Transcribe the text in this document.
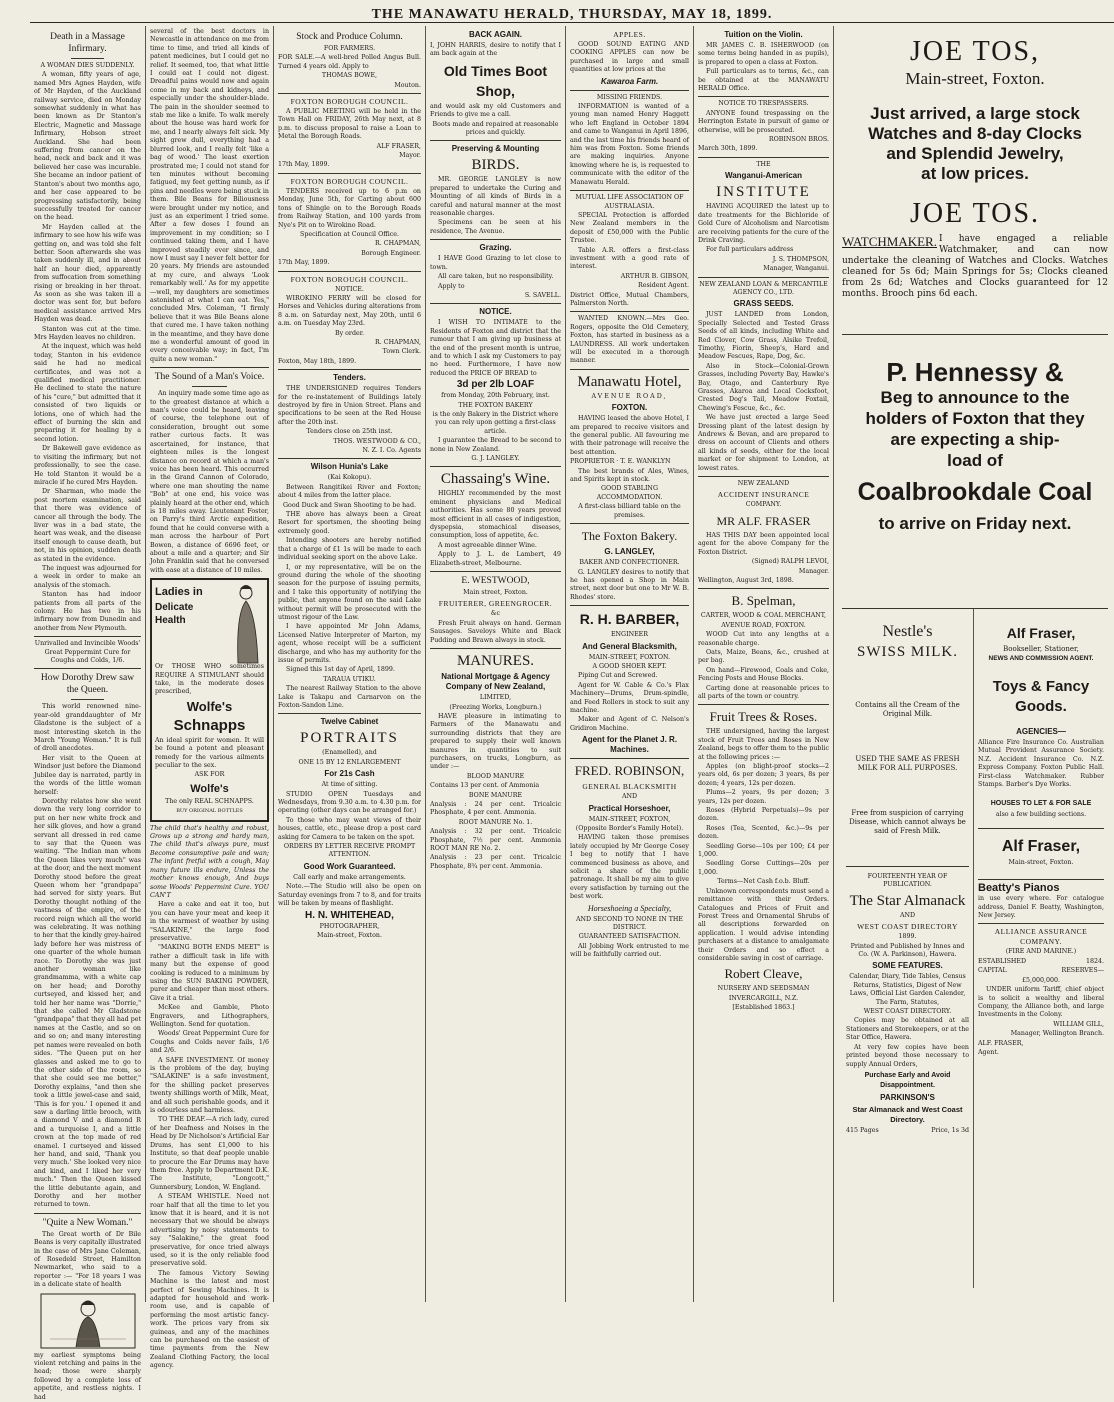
THE MANAWATU HERALD, THURSDAY, MAY 18, 1899.
Death in a Massage Infirmary.
A WOMAN DIES SUDDENLY.

A woman, fifty years of age, named Mrs Agnes Hayden, wife of Mr Hayden, of the Auckland railway service, died on Monday somewhat suddenly in what has been known as Dr Stanton's Electric, Magnetic and Massage Infirmary, Hobson street Auckland. She had been suffering from cancer on the head, neck and back and it was believed her case was incurable. She became an indoor patient of Stanton's about two months ago, and her case appeared to be progressing satisfactorily, being successfully treated for cancer on the head.

Mr Hayden called at the infirmary to see how his wife was getting on, and was told she felt better. Soon afterwards she was taken suddenly ill, and in about half an hour died, apparently from suffocation from something rising or breaking in her throat. As soon as she was taken ill a doctor was sent for, but before medical assistance arrived Mrs Hayden was dead.

Stanton was cut at the time. Mrs Hayden leaves no children.

At the inquest, which was held today, Stanton in his evidence said he had no medical certificates, and was not a qualified medical practitioner. He declined to state the nature of his "cure," but admitted that it consisted of two liquids or lotions, one of which had the effect of burning the skin and preparing it for healing by a second lotion.

Dr Bakewell gave evidence as to visiting the infirmary, but not professionally, to see the case. He told Stanton it would be a miracle if he cured Mrs Hayden.

Dr Sharman, who made the post mortem examination, said that there was evidence of cancer all through the body. The liver was in a bad state, the heart was weak, and the disease itself enough to cause death, but not, in his opinion, sudden death as stated in the evidence.

The inquest was adjourned for a week in order to make an analysis of the stomach.

Stanton has had indoor patients from all parts of the colony. He has two in his infirmary now from Dunedin and another from New Plymouth.

Unrivalled and Invincible Woods' Great Peppermint Cure for Coughs and Colds, 1/6.

How Dorothy Drew saw the Queen.

This world renowned nine-year-old granddaughter of Mr Gladstone is the subject of a most interesting sketch in the March "Young Woman." It is full of droll anecdotes.

Her visit to the Queen at Windsor just before the Diamond Jubilee day is narrated, partly in the words of the little woman herself:

Dorothy relates how she went down the very long corridor to put on her new white frock and her silk gloves, and how a grand servant all dressed in red came to say that the Queen was waiting. "The Indian man whom the Queen likes very much" was at the door, and the next moment Dorothy stood before the great Queen whom her "grandpapa" had served for sixty years. But Dorothy thought nothing of the vastness of the empire, of the record reign which all the world was celebrating. It was nothing to her that the kindly grey-haired lady before her was mistress of one quarter of the whole human race. To Dorothy she was just another woman like grandmamma, with a white cap on her head; and Dorothy curtseyed, and kissed her, and told her her name was "Dorrie," that she called Mr Gladstone "grandpapa" that they all had pet names at the Castle, and so on and so on; and many interesting pet names were revealed on both sides. "The Queen put on her glasses and asked me to go to the other side of the room, so that she could see me better," Dorothy explains, "and then she took a little jewel-case and said, 'This is for you.' I opened it and saw a darling little brooch, with a diamond V and a diamond R and a turquoise I, and a little crown at the top made of red enamel. I curtseyed and kissed her hand, and said, 'Thank you very much.' She looked very nice and kind, and I liked her very much." Then the Queen kissed the little debutante again, and Dorothy and her mother returned to town.

"Quite a New Woman."

The Great worth of Dr Bile Beans is very capitally illustrated in the case of Mrs Jane Coleman, of Rosedeld Street, Hamilton Newmarket, who said to a reporter :— "For 18 years I was in a delicate state of health

my earliest symptoms being violent retching and pains in the head; those were sharply followed by a complete loss of appetite, and restless nights. I had

several of the best doctors in Newcastle in attendance on me from time to time, and tried all kinds of patent medicines, but I could get no relief. It seemed, too, that what little I could eat I could not digest. Dreadful pains would now and again come in my back and kidneys, and especially under the shoulder-blade. The pain in the shoulder seemed to stab me like a knife. To walk merely about the house was hard work for me, and I nearly always felt sick. My sight grew dull, everything had a blurred look, and I really felt 'like a bag of wood.' The least exertion prostrated me; I could not stand for ten minutes without becoming fatigued, my feet getting numb, as if pins and needles were being stuck in them. Bile Beans for Biliousness were brought under my notice, and just as an experiment I tried some. After a few doses I found an improvement in my condition; so I continued taking them, and I have improved steadily ever since, and now I must say I never felt better for 20 years. My friends are astounded at my cure, and always 'Look remarkably well.' As for my appetite—well, my daughters are sometimes astonished at what I can eat. Yes," concluded Mrs. Coleman, "I firmly believe that it was Bile Beans alone that cured me. I have taken nothing in the meantime, and they have done me a wonderful amount of good in every conceivable way; in fact, I'm quite a new woman."

The Sound of a Man's Voice.

An inquiry made some time ago as to the greatest distance at which a man's voice could be heard, leaving of course, the telephone out of consideration, brought out some rather curious facts. It was ascertained, for instance, that eighteen miles is the longest distance on record at which a man's voice has been heard. This occurred in the Grand Cannon of Colorado, where one man shouting the name "Bob" at one end, his voice was plainly heard at the other end, which is 18 miles away. Lieutenant Foster, on Parry's third Arctic expedition, found that he could converse with a man across the harbour of Port Bowen, a distance of 6696 feet, or about a mile and a quarter; and Sir John Franklin said that he conversed with ease at a distance of 10 miles.

Ladies in
Delicate Health

Or THOSE WHO sometimes REQUIRE A STIMULANT should take, in the moderate doses prescribed,

Wolfe's
Schnapps

An ideal spirit for women. It will be found a potent and pleasant remedy for the various ailments peculiar to the sex.

ASK FOR
Wolfe's
The only REAL SCHNAPPS.
BUY ORIGINAL BOTTLES

The child that's healthy and robust, Grows up a strong and hardy man, The child that's always pure, must Become consumptive pale and wan; The infant fretful with a cough, May many future ills endure, Unless the mother knows enough, And buys some Woods' Peppermint Cure. YOU CAN'T

Have a cake and eat it too, but you can have your meat and keep it in the warmest of weather by using "SALAKINE," the large food preservative.

"MAKING BOTH ENDS MEET" is rather a difficult task in life with many but the expense of good cooking is reduced to a minimum by using the SUN BAKING POWDER, purer and cheaper than most others. Give it a trial.

McKee and Gamble, Photo Engravers, and Lithographers, Wellington. Send for quotation.

Woods' Great Peppermint Cure for Coughs and Colds never fails, 1/6 and 2/6.

A SAFE INVESTMENT. Of money is the problem of the day, buying "SALAKINE" is a safe investment, for the shilling packet preserves twenty shillings worth of Milk, Meat, and all such perishable goods, and it is odourless and harmless.

TO THE DEAF.—A rich lady, cured of her Deafness and Noises in the Head by Dr Nicholson's Artificial Ear Drums, has sent £1,000 to his Institute, so that deaf people unable to procure the Ear Drums may have them free. Apply to Department D.K. The Institute, "Longcott," Gunnersbury, London, W. England.

A STEAM WHISTLE. Need not roar half that all the time to let you know that it is heard, and it is not necessary that we should be always advertising by noisy statements to say "Salakine," the great food preservative, for once tried always used, so it is the only reliable food preservative sold.

The famous Victory Sewing Machine is the latest and most perfect of Sewing Machines. It is adapted for household and work-room use, and is capable of performing the most artistic fancy-work. The prices vary from six guineas, and any of the machines can be purchased on the easiest of time payments from the New Zealand Clothing Factory, the local agency.

Stock and Produce Column.
FOR FARMERS.

FOR SALE.—A well-bred Polled Angus Bull. Turned 4 years old. Apply to

THOMAS BOWE,
Mouton.
FOXTON BOROUGH COUNCIL.

A PUBLIC MEETING will be held in the Town Hall on FRIDAY, 26th May next, at 8 p.m. to discuss proposal to raise a Loan to Metal the Borough Roads.

ALF FRASER,
Mayor.
17th May, 1899.
FOXTON BOROUGH COUNCIL.

TENDERS received up to 6 p.m on Monday, June 5th, for Carting about 600 tons of Shingle on to the Borough Roads from Railway Station, and 100 yards from Nye's Pit on to Wirokino Road.

Specification at Council Office.
R. CHAPMAN,
Borough Engineer.
17th May, 1899.
FOXTON BOROUGH COUNCIL.
NOTICE.

WIROKINO FERRY will be closed for Horses and Vehicles during alterations from 8 a.m. on Saturday next, May 20th, until 6 a.m. on Tuesday May 23rd.

By order.
R. CHAPMAN,
Town Clerk.
Foxton, May 18th, 1899.
Tenders.

THE UNDERSIGNED requires Tenders for the re-instatement of Buildings lately destroyed by fire in Union Street. Plans and specifications to be seen at the Red House after the 20th inst.

Tenders close on 25th inst.
THOS. WESTWOOD & CO.,
N. Z. I. Co. Agents
Wilson Hunia's Lake
(Kai Kokopu).

Between Rangitikei River and Foxton; about 4 miles from the latter place.

Good Duck and Swan Shooting to be had.

THE above has always been a Great Resort for sportsmen, the shooting being extremely good.

Intending shooters are hereby notified that a charge of £1 1s will be made to each individual seeking sport on the above Lake.

I, or my representative, will be on the ground during the whole of the shooting season for the purpose of issuing permits, and I take this opportunity of notifying the public, that anyone found on the said Lake without permit will be prosecuted with the utmost rigour of the Law.

I have appointed Mr John Adams, Licensed Native Interpreter of Marton, my agent, whose receipt will be a sufficient discharge, and who has my authority for the issue of permits.

Signed this 1st day of April, 1899.

TARAUA UTIKU.

The nearest Railway Station to the above Lake is Takapu and Carnarvon on the Foxton-Sandon Line.

Twelve Cabinet
PORTRAITS
(Enamelled), and
ONE 15 BY 12 ENLARGEMENT
For 21s Cash
At time of sitting.

STUDIO OPEN Tuesdays and Wednesdays, from 9.30 a.m. to 4.30 p.m. for operating (other days can be arranged for.)

To those who may want views of their houses, cattle, etc., please drop a post card asking for Camera to be taken on the spot.

ORDERS BY LETTER RECEIVE PROMPT ATTENTION.

Good Work Guaranteed.

Call early and make arrangements.

Note.—The Studio will also be open on Saturday evenings from 7 to 8, and for traits will be taken by means of flashlight.

H. N. WHITEHEAD,
PHOTOGRAPHER,
Main-street, Foxton.
BACK AGAIN.

I, JOHN HARRIS, desire to notify that I am back again at the

Old Times Boot Shop,

and would ask my old Customers and Friends to give me a call.

Boots made and repaired at reasonable prices and quickly.

Preserving & Mounting
BIRDS.

MR. GEORGE LANGLEY is now prepared to undertake the Curing and Mounting of all kinds of Birds in a careful and natural manner at the most reasonable charges.

Specimens can be seen at his residence, The Avenue.

Grazing.

I HAVE Good Grazing to let close to town.

All care taken, but no responsibility.

Apply to

S. SAVELL.
NOTICE.

I WISH TO INTIMATE to the Residents of Foxton and district that the rumour that I am giving up business at the end of the present month is untrue, and to which I ask my Customers to pay no heed. Furthermore, I have now reduced the PRICE OF BREAD to

3d per 2lb LOAF
from Monday, 20th February, inst.
THE FOXTON BAKERY

is the only Bakery in the District where you can rely upon getting a first-class article.

I guarantee the Bread to be second to none in New Zealand.

G. J. LANGLEY.
Chassaing's Wine.

HIGHLY recommended by the most eminent physicians and Medical authorities. Has some 80 years proved most efficient in all cases of indigestion, dyspepsia, stomachical diseases, consumption, loss of appetite, &c.

A most agreeable dinner Wine.

Apply to J. L. de Lambert, 49 Elizabeth-street, Melbourne.

E. WESTWOOD,
Main street, Foxton.
FRUITERER, GREENGROCER.
&c

Fresh Fruit always on hand. German Sausages. Saveloys White and Black Pudding and Brawn always in stock.

MANURES.
National Mortgage & Agency Company of New Zealand,
LIMITED,
(Freezing Works, Longburn.)

HAVE pleasure in intimating to Farmers of the Manawatu and surrounding districts that they are prepared to supply their well known manures in quantities to suit purchasers, on trucks, Longburn, as under :—

BLOOD MANURE

Contains 13 per cent. of Ammonia

BONE MANURE

Analysis : 24 per cent. Tricalcic Phosphate, 4 per cent. Ammonia.

ROOT MANURE No. 1.

Analysis : 32 per cent. Tricalcic Phosphate, 7½ per cent. Ammonia ROOT MAN RE No. 2.

Analysis : 23 per cent. Tricalcic Phosphate, 8¾ per cent. Ammonia.

APPLES.

GOOD SOUND EATING AND COOKING APPLES can now be purchased in large and small quantities at low prices at the

Kawaroa Farm.
MISSING FRIENDS.

INFORMATION is wanted of a young man named Henry Haggett who left England in October 1894 and came to Wanganui in April 1896, and the last time his friends heard of him was from Foxton. Some friends are making inquiries. Anyone knowing where he is, is requested to communicate with the editor of the Manawatu Herald.

MUTUAL LIFE ASSOCIATION OF AUSTRALASIA.

SPECIAL Protection is afforded New Zealand members in the deposit of £50,000 with the Public Trustee.

Table A.R. offers a first-class investment with a good rate of interest.

ARTHUR B. GIBSON,
Resident Agent.

District Office, Mutual Chambers, Palmerston North.

WANTED KNOWN.—Mrs Geo. Rogers, opposite the Old Cemetery, Foxton, has started in business as a LAUNDRESS. All work undertaken will be executed in a thorough manner.

Manawatu Hotel,
AVENUE ROAD,
FOXTON.

HAVING leased the above Hotel, I am prepared to receive visitors and the general public. All favouring me with their patronage will receive the best attention.

PROPRIETOR · T. E. WANKLYN

The best brands of Ales, Wines, and Spirits kept in stock.

GOOD STABLING ACCOMMODATION.

A first-class billiard table on the premises.

The Foxton Bakery.
G. LANGLEY,
BAKER AND CONFECTIONER.

G. LANGLEY desires to notify that he has opened a Shop in Main street, next door but one to Mr W. B. Rhodes' store.

R. H. BARBER,
ENGINEER
And General Blacksmith,
MAIN-STREET, FOXTON.

A GOOD SHOER KEPT.

Piping Cut and Screwed.

Agent for W. Cable & Co.'s Flax Machinery—Drums, Drum-spindle, and Feed Rollers in stock to suit any machine.

Maker and Agent of C. Nelson's Gridiron Machine.

Agent for the Planet J. R. Machines.
FRED. ROBINSON,
GENERAL BLACKSMITH
AND
Practical Horseshoer,
MAIN-STREET, FOXTON,
(Opposite Border's Family Hotel).

HAVING taken those premises lately occupied by Mr George Cosey I beg to notify that I have commenced business as above, and solicit a share of the public patronage. It shall be my aim to give every satisfaction by turning out the best work.

Horseshoeing a Specialty,
AND SECOND TO NONE IN THE DISTRICT.
GUARANTEED SATISFACTION.

All Jobbing Work entrusted to me will be faithfully carried out.

Tuition on the Violin.

MR JAMES C. B. ISHERWOOD (on some terms being handed in as pupils), is prepared to open a class at Foxton.

Full particulars as to terms, &c., can be obtained at the MANAWATU HERALD Office.

NOTICE TO TRESPASSERS.

ANYONE found trespassing on the Herrington Estate in pursuit of game or otherwise, will be prosecuted.

ROBINSON BROS.
March 30th, 1899.
THE
Wanganui-American
INSTITUTE

HAVING ACQUIRED the latest up to date treatments for the Bichloride of Gold Cure of Alcoholism and Narcotism are receiving patients for the cure of the Drink Craving.

For full particulars address

J. S. THOMPSON,
Manager, Wanganui.
NEW ZEALAND LOAN & MERCANTILE AGENCY CO., LTD.
GRASS SEEDS.

JUST LANDED from London, Specially Selected and Tested Grass Seeds of all kinds, including White and Red Clover, Cow Grass, Alsike Trefoil, Timothy, Fiorin, Sheep's, Hard and Meadow Fescues, Rape, Dog, &c.

Also in Stock—Colonial-Grown Grasses, including Poverty Bay, Hawke's Bay, Otago, and Canterbury Rye Grasses, Akaroa and Local Cocksfoot, Crested Dog's Tail, Meadow Foxtail, Chewing's Fescue, &c., &c.

We have just erected a large Seed Dressing plant of the latest design by Andrews & Bevan, and are prepared to dress on account of Clients and others all kinds of seeds, either for the local market or for shipment to London, at lowest rates.

NEW ZEALAND
ACCIDENT INSURANCE
COMPANY.
MR ALF. FRASER

HAS THIS DAY been appointed local agent for the above Company for the Foxton District.

(Signed) RALPH LEVOI,
Manager.
Wellington, August 3rd, 1898.
B. Spelman,
CARTER, WOOD & COAL MERCHANT,
AVENUE ROAD, FOXTON.

WOOD Cut into any lengths at a reasonable charge.

Oats, Maize, Beans, &c., crushed at per bag.

On hand—Firewood, Coals and Coke, Fencing Posts and House Blocks.

Carting done at reasonable prices to all parts of the town or country.

Fruit Trees & Roses.

THE undersigned, having the largest stock of Fruit Trees and Roses in New Zealand, begs to offer them to the public at the following prices :—

Apples (on blight-proof stocks—2 years old, 6s per dozen; 3 years, 8s per dozen; 4 years, 12s per dozen.

Plums—2 years, 9s per dozen; 3 years, 12s per dozen.

Roses (Hybrid Perpetuals)—9s per dozen.

Roses (Tea, Scented, &c.)—9s per dozen.

Seedling Gorse—10s per 100; £4 per 1,000.

Seedling Gorse Cuttings—20s per 1,000.

Terms—Net Cash f.o.b. Bluff.

Unknown correspondents must send a remittance with their Orders. Catalogues and Prices of Fruit and Forest Trees and Ornamental Shrubs of all descriptions forwarded on application. I would advise intending purchasers at a distance to amalgamate their Orders and so effect a considerable saving in cost of carriage.

Robert Cleave,
NURSERY AND SEEDSMAN
INVERCARGILL, N.Z.
[Established 1863.]
JOE TOS,
Main-street, Foxton.
Just arrived, a large stock
Watches and 8-day Clocks
and Splendid Jewelry,
at low prices.
JOE TOS.
WATCHMAKER. I have engaged a reliable Watchmaker, and can now undertake the cleaning of Watches and Clocks. Watches cleaned for 5s 6d; Main Springs for 5s; Clocks cleaned from 2s 6d; Watches and Clocks guaranteed for 12 months. Brooch pins 6d each.

P. Hennessy &
Beg to announce to the
holders of Foxton that they
are expecting a ship-
load of
Coalbrookdale Coal
to arrive on Friday next.
Nestle's
SWISS MILK.

Contains all the Cream of the Original Milk.

USED THE SAME AS FRESH MILK FOR ALL PURPOSES.

Free from suspicion of carrying Disease, which cannot always be said of Fresh Milk.

FOURTEENTH YEAR OF PUBLICATION.
The Star Almanack
AND
WEST COAST DIRECTORY
1899.

Printed and Published by Innes and Co. (W. A. Parkinson), Hawera.

SOME FEATURES.

Calendar, Diary, Tide Tables, Census Returns, Statistics, Digest of New Laws, Official List Garden Calender, The Farm, Statutes,

WEST COAST DIRECTORY.

Copies may be obtained at all Stationers and Storekeepers, or at the Star Office, Hawera.

At very few copies have been printed beyond those necessary to supply Annual Orders,

Purchase Early and Avoid Disappointment.
PARKINSON'S
Star Almanack and West Coast Directory.
415 Pages	Price, 1s 3d
Alf Fraser,
Bookseller, Stationer,
NEWS AND COMMISSION AGENT.
Toys & Fancy Goods.
AGENCIES—

Alliance Fire Insurance Co. Australian Mutual Provident Assurance Society. N.Z. Accident Insurance Co. N.Z. Express Company. Foxton Public Hall. First-class Watchmaker. Rubber Stamps. Barber's Dye Works.

HOUSES TO LET & FOR SALE
also a few building sections.
Alf Fraser,
Main-street, Foxton.
Beatty's Pianos

in use every where. For catalogue address, Daniel F. Beatty, Washington, New Jersey.

ALLIANCE ASSURANCE COMPANY.
(FIRE AND MARINE.)
ESTABLISHED	1824.
CAPITAL	RESERVES—
£5,000,000.

UNDER uniform Tariff, chief object is to solicit a wealthy and liberal Company, the Alliance both, and large Investments in the Colony.

WILLIAM GILL,
Manager, Wellington Branch.
ALF. FRASER,
Agent.
